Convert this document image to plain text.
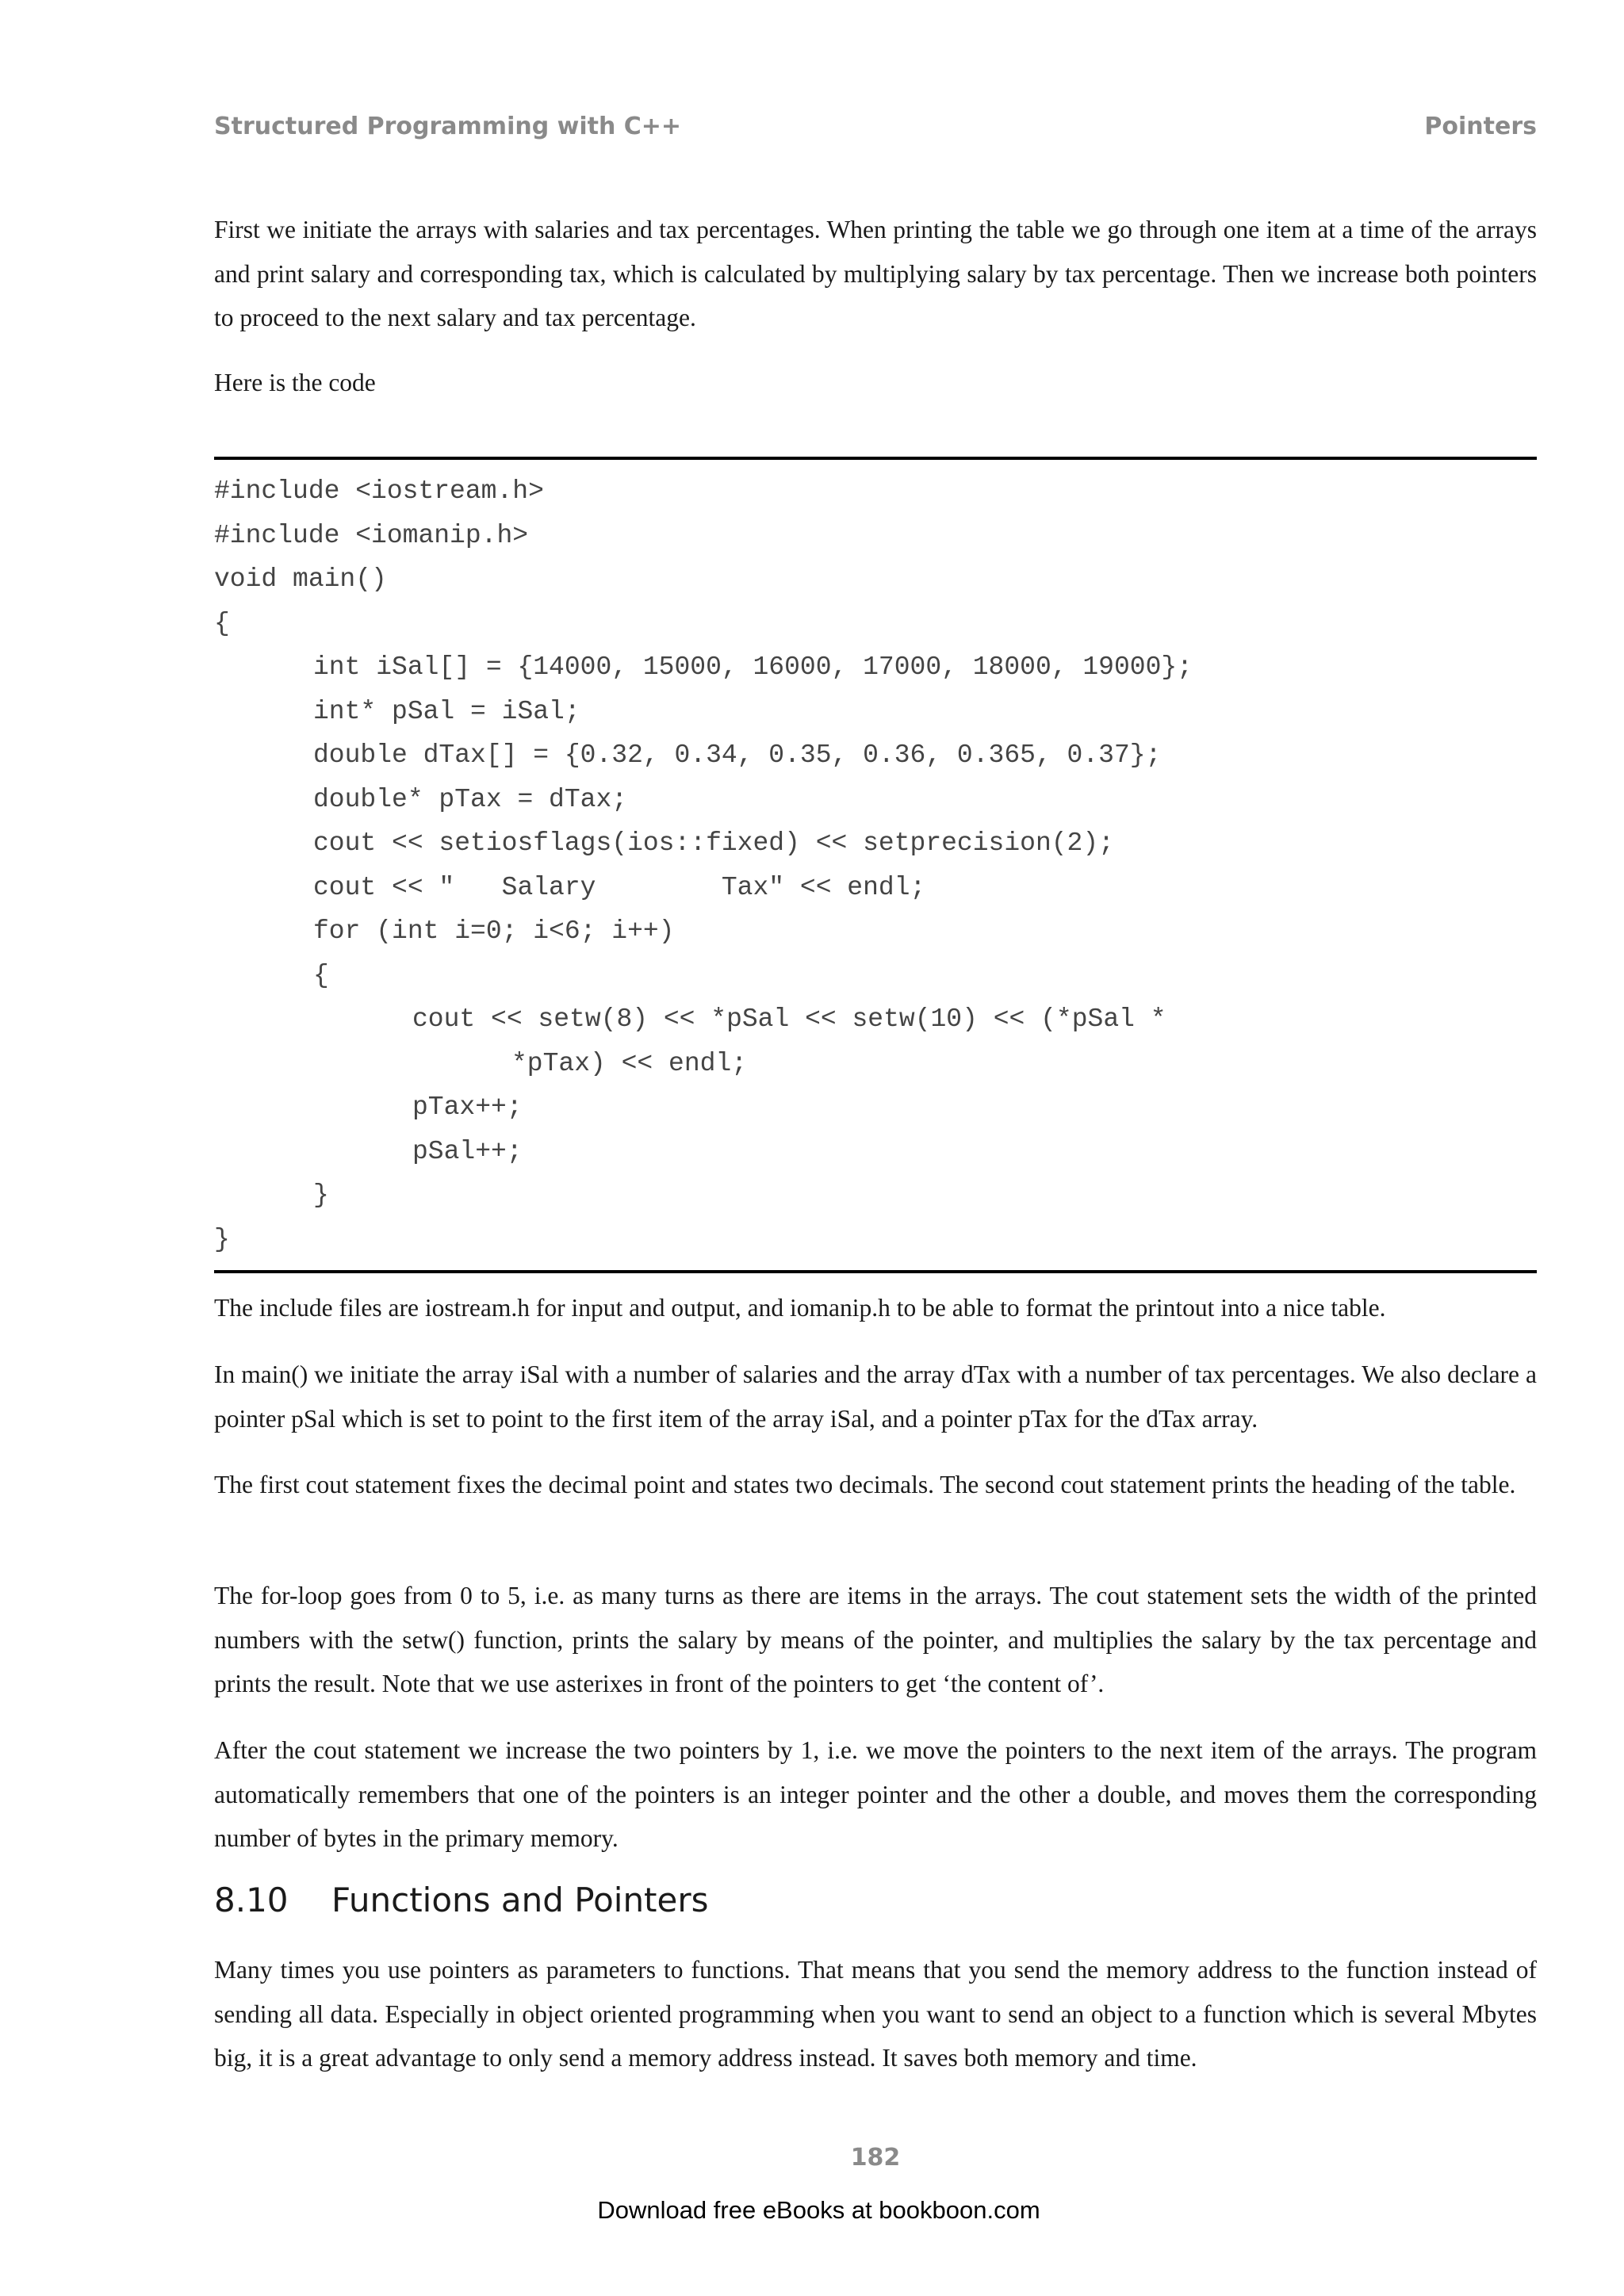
Structured Programming with C++	Pointers

First we initiate the arrays with salaries and tax percentages. When printing the table we go through one item at a time of the arrays and print salary and corresponding tax, which is calculated by multiplying salary by tax percentage. Then we increase both pointers to proceed to the next salary and tax percentage.

Here is the code

#include <iostream.h>
#include <iomanip.h>
void main()
{
int iSal[] = {14000, 15000, 16000, 17000, 18000, 19000};
int* pSal = iSal;
double dTax[] = {0.32, 0.34, 0.35, 0.36, 0.365, 0.37};
double* pTax = dTax;
cout << setiosflags(ios::fixed) << setprecision(2);
cout << "   Salary        Tax" << endl;
for (int i=0; i<6; i++)
{
cout << setw(8) << *pSal << setw(10) << (*pSal *
*pTax) << endl;
pTax++;
pSal++;
}
}

The include files are iostream.h for input and output, and iomanip.h to be able to format the printout into a nice table.

In main() we initiate the array iSal with a number of salaries and the array dTax with a number of tax percentages. We also declare a pointer pSal which is set to point to the first item of the array iSal, and a pointer pTax for the dTax array.

The first cout statement fixes the decimal point and states two decimals. The second cout statement prints the heading of the table.

The for-loop goes from 0 to 5, i.e. as many turns as there are items in the arrays. The cout statement sets the width of the printed numbers with the setw() function, prints the salary by means of the pointer, and multiplies the salary by the tax percentage and prints the result. Note that we use asterixes in front of the pointers to get ‘the content of’.

After the cout statement we increase the two pointers by 1, i.e. we move the pointers to the next item of the arrays. The program automatically remembers that one of the pointers is an integer pointer and the other a double, and moves them the corresponding number of bytes in the primary memory.

8.10 Functions and Pointers

Many times you use pointers as parameters to functions. That means that you send the memory address to the function instead of sending all data. Especially in object oriented programming when you want to send an object to a function which is several Mbytes big, it is a great advantage to only send a memory address instead. It saves both memory and time.

182
Download free eBooks at bookboon.com
